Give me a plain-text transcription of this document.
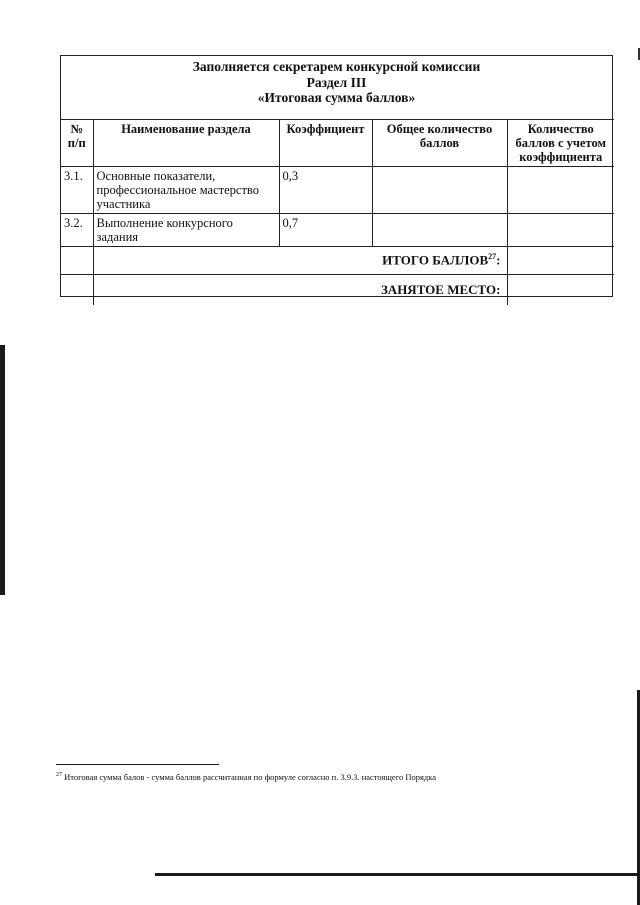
Заполняется секретарем конкурсной комиссии
Раздел III
«Итоговая сумма баллов»
№ п/п	Наименование раздела	Коэффициент	Общее количество баллов	Количество баллов с учетом коэффициента
3.1.	Основные показатели, профессиональное мастерство участника	0,3		
3.2.	Выполнение конкурсного задания	0,7		
	ИТОГО БАЛЛОВ$^{27}$:			
	ЗАНЯТОЕ МЕСТО:			
$^{27}$ Итоговая сумма балов - сумма баллов рассчитанная по формуле согласно п. 3.9.3. настоящего Порядка
